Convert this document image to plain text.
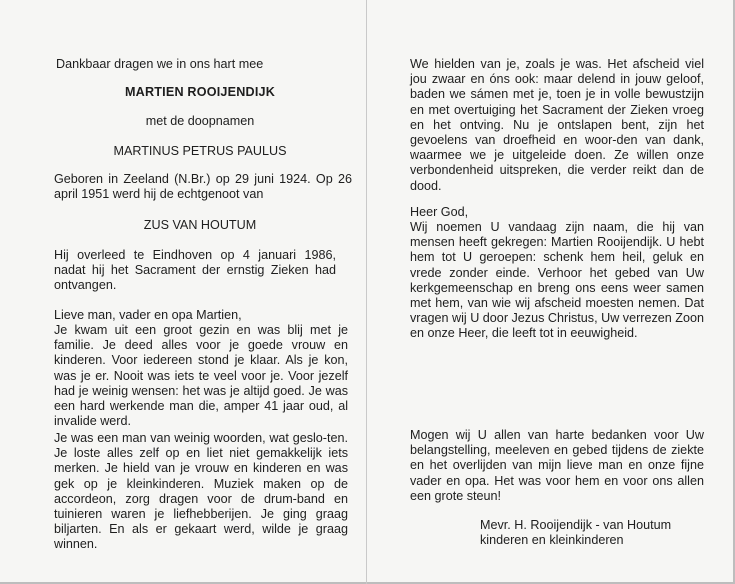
Dankbaar dragen we in ons hart mee
MARTIEN ROOIJENDIJK
met de doopnamen
MARTINUS PETRUS PAULUS

Geboren in Zeeland (N.Br.) op 29 juni 1924. Op 26 april 1951 werd hij de echtgenoot van

ZUS VAN HOUTUM

Hij overleed te Eindhoven op 4 januari 1986, nadat hij het Sacrament der ernstig Zieken had ontvangen.

Lieve man, vader en opa Martien,

Je kwam uit een groot gezin en was blij met je familie. Je deed alles voor je goede vrouw en kinderen. Voor iedereen stond je klaar. Als je kon, was je er. Nooit was iets te veel voor je. Voor jezelf had je weinig wensen: het was je altijd goed. Je was een hard werkende man die, amper 41 jaar oud, al invalide werd.

Je was een man van weinig woorden, wat geslo-ten. Je loste alles zelf op en liet niet gemakkelijk iets merken. Je hield van je vrouw en kinderen en was gek op je kleinkinderen. Muziek maken op de accordeon, zorg dragen voor de drum-band en tuinieren waren je liefhebberijen. Je ging graag biljarten. En als er gekaart werd, wilde je graag winnen.

We hielden van je, zoals je was. Het afscheid viel jou zwaar en óns ook: maar delend in jouw geloof, baden we sámen met je, toen je in volle bewustzijn en met overtuiging het Sacrament der Zieken vroeg en het ontving. Nu je ontslapen bent, zijn het gevoelens van droefheid en woor-den van dank, waarmee we je uitgeleide doen. Ze willen onze verbondenheid uitspreken, die verder reikt dan de dood.

Heer God,

Wij noemen U vandaag zijn naam, die hij van mensen heeft gekregen: Martien Rooijendijk. U hebt hem tot U geroepen: schenk hem heil, geluk en vrede zonder einde. Verhoor het gebed van Uw kerkgemeenschap en breng ons eens weer samen met hem, van wie wij afscheid moesten nemen. Dat vragen wij U door Jezus Christus, Uw verrezen Zoon en onze Heer, die leeft tot in eeuwigheid.

Mogen wij U allen van harte bedanken voor Uw belangstelling, meeleven en gebed tijdens de ziekte en het overlijden van mijn lieve man en onze fijne vader en opa. Het was voor hem en voor ons allen een grote steun!

Mevr. H. Rooijendijk - van Houtum
kinderen en kleinkinderen
